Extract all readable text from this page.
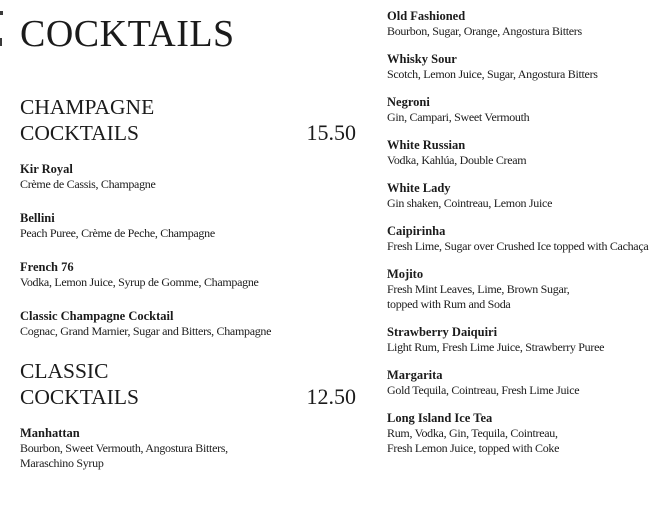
COCKTAILS
CHAMPAGNE
COCKTAILS	15.50
Kir Royal
Crème de Cassis, Champagne
Bellini
Peach Puree, Crème de Peche, Champagne
French 76
Vodka, Lemon Juice, Syrup de Gomme, Champagne
Classic Champagne Cocktail
Cognac, Grand Marnier, Sugar and Bitters, Champagne
CLASSIC
COCKTAILS	12.50
Manhattan
Bourbon, Sweet Vermouth, Angostura Bitters,
Maraschino Syrup
Old Fashioned
Bourbon, Sugar, Orange, Angostura Bitters
Whisky Sour
Scotch, Lemon Juice, Sugar, Angostura Bitters
Negroni
Gin, Campari, Sweet Vermouth
White Russian
Vodka, Kahlúa, Double Cream
White Lady
Gin shaken, Cointreau, Lemon Juice
Caipirinha
Fresh Lime, Sugar over Crushed Ice topped with Cachaça
Mojito
Fresh Mint Leaves, Lime, Brown Sugar,
topped with Rum and Soda
Strawberry Daiquiri
Light Rum, Fresh Lime Juice, Strawberry Puree
Margarita
Gold Tequila, Cointreau, Fresh Lime Juice
Long Island Ice Tea
Rum, Vodka, Gin, Tequila, Cointreau,
Fresh Lemon Juice, topped with Coke
